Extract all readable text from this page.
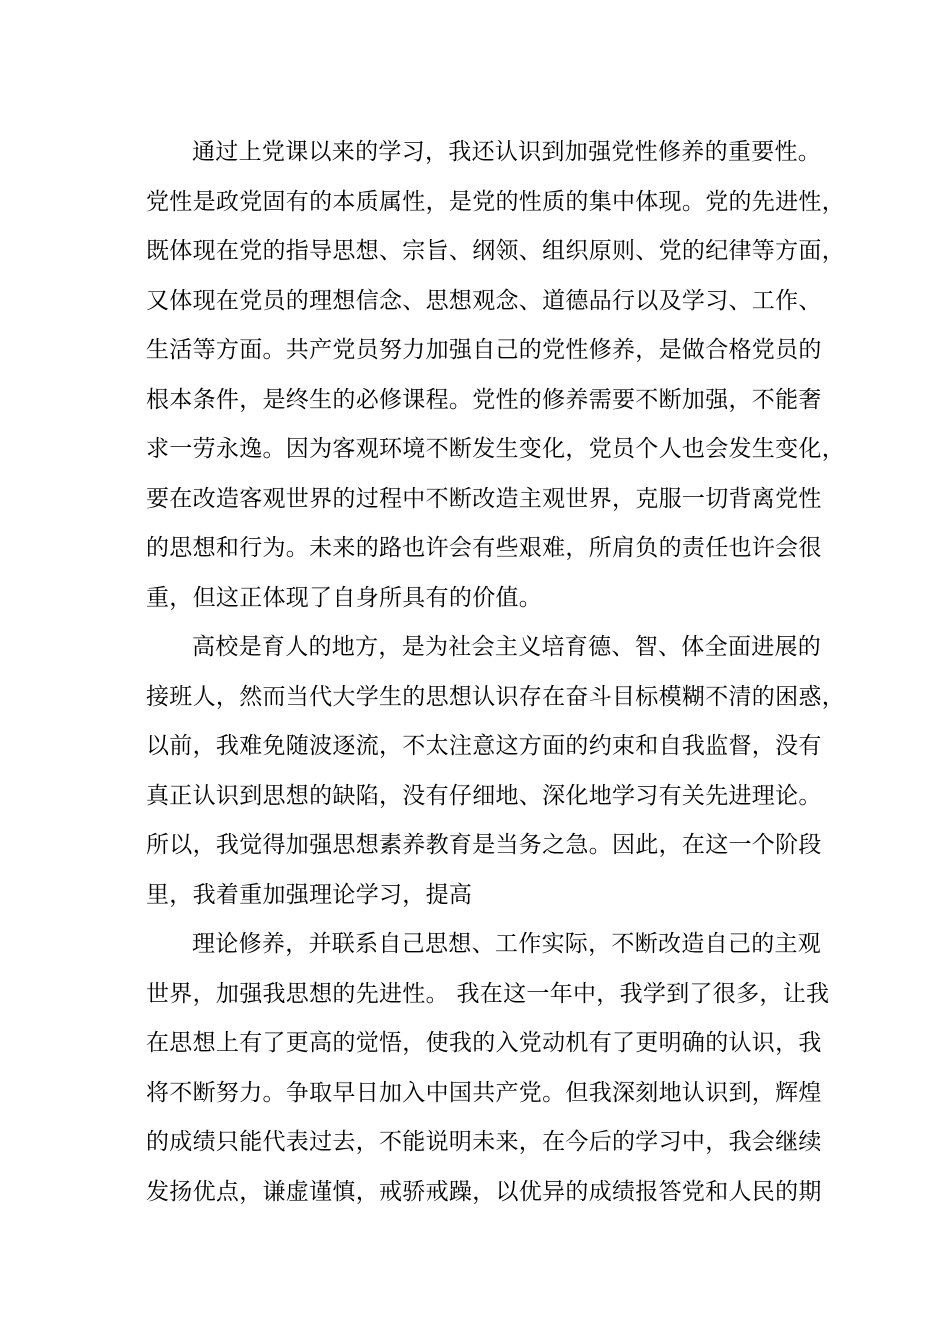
通过上党课以来的学习，我还认识到加强党性修养的重要性。
党性是政党固有的本质属性，是党的性质的集中体现。党的先进性，
既体现在党的指导思想、宗旨、纲领、组织原则、党的纪律等方面，
又体现在党员的理想信念、思想观念、道德品行以及学习、工作、
生活等方面。共产党员努力加强自己的党性修养，是做合格党员的
根本条件，是终生的必修课程。党性的修养需要不断加强，不能奢
求一劳永逸。因为客观环境不断发生变化，党员个人也会发生变化，
要在改造客观世界的过程中不断改造主观世界，克服一切背离党性
的思想和行为。未来的路也许会有些艰难，所肩负的责任也许会很
重，但这正体现了自身所具有的价值。
高校是育人的地方，是为社会主义培育德、智、体全面进展的
接班人，然而当代大学生的思想认识存在奋斗目标模糊不清的困惑，
以前，我难免随波逐流，不太注意这方面的约束和自我监督，没有
真正认识到思想的缺陷，没有仔细地、深化地学习有关先进理论。
所以，我觉得加强思想素养教育是当务之急。因此，在这一个阶段
里，我着重加强理论学习，提高
理论修养，并联系自己思想、工作实际，不断改造自己的主观
世界，加强我思想的先进性。 我在这一年中，我学到了很多，让我
在思想上有了更高的觉悟，使我的入党动机有了更明确的认识，我
将不断努力。争取早日加入中国共产党。但我深刻地认识到，辉煌
的成绩只能代表过去，不能说明未来，在今后的学习中，我会继续
发扬优点，谦虚谨慎，戒骄戒躁，以优异的成绩报答党和人民的期
